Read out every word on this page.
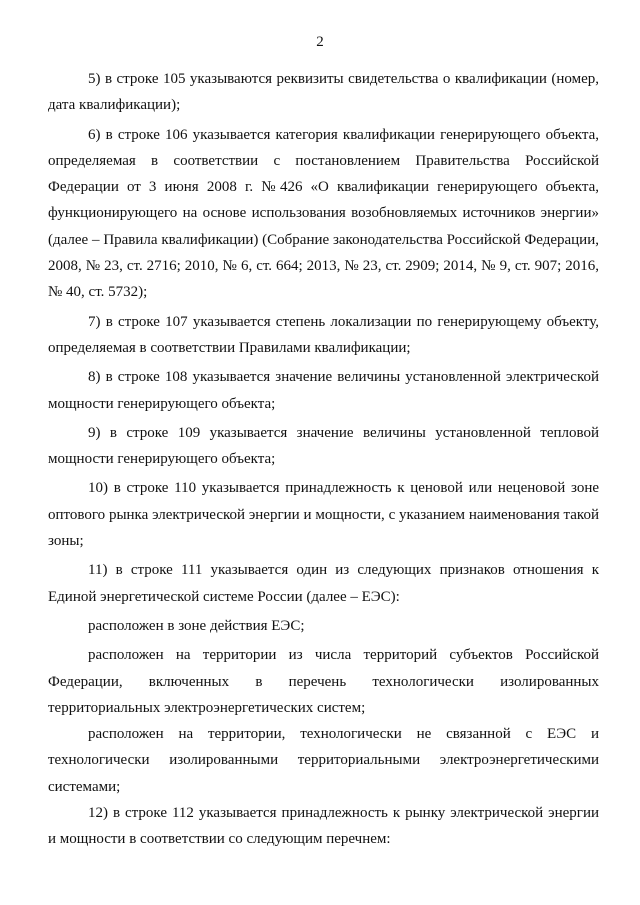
2

5) в строке 105 указываются реквизиты свидетельства о квалификации (номер, дата квалификации);

6) в строке 106 указывается категория квалификации генерирующего объекта, определяемая в соответствии с постановлением Правительства Российской Федерации от 3 июня 2008 г. №426 «О квалификации генерирующего объекта, функционирующего на основе использования возобновляемых источников энергии» (далее – Правила квалификации) (Собрание законодательства Российской Федерации, 2008, № 23, ст. 2716; 2010, № 6, ст. 664; 2013, № 23, ст. 2909; 2014, № 9, ст. 907; 2016, № 40, ст. 5732);

7) в строке 107 указывается степень локализации по генерирующему объекту, определяемая в соответствии Правилами квалификации;

8) в строке 108 указывается значение величины установленной электрической мощности генерирующего объекта;

9) в строке 109 указывается значение величины установленной тепловой мощности генерирующего объекта;

10) в строке 110 указывается принадлежность к ценовой или неценовой зоне оптового рынка электрической энергии и мощности, с указанием наименования такой зоны;

11) в строке 111 указывается один из следующих признаков отношения к Единой энергетической системе России (далее – ЕЭС):

расположен в зоне действия ЕЭС;

расположен на территории из числа территорий субъектов Российской Федерации, включенных в перечень технологически изолированных территориальных электроэнергетических систем;

расположен на территории, технологически не связанной с ЕЭС и технологически изолированными территориальными электроэнергетическими системами;

12) в строке 112 указывается принадлежность к рынку электрической энергии и мощности в соответствии со следующим перечнем:
